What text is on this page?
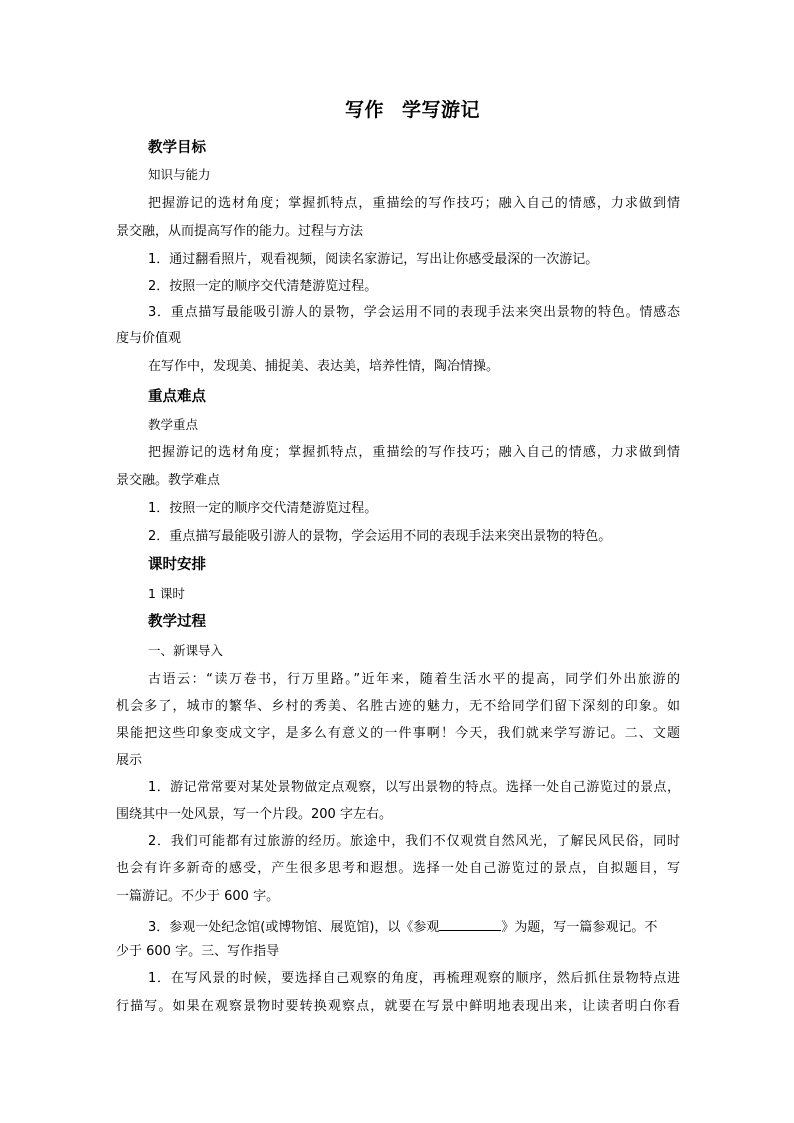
写作 学写游记
教学目标
知识与能力
把握游记的选材角度；掌握抓特点，重描绘的写作技巧；融入自己的情感，力求做到情
景交融，从而提高写作的能力。过程与方法
1．通过翻看照片，观看视频，阅读名家游记，写出让你感受最深的一次游记。
2．按照一定的顺序交代清楚游览过程。
3．重点描写最能吸引游人的景物，学会运用不同的表现手法来突出景物的特色。情感态
度与价值观
在写作中，发现美、捕捉美、表达美，培养性情，陶冶情操。
重点难点
教学重点
把握游记的选材角度；掌握抓特点，重描绘的写作技巧；融入自己的情感，力求做到情
景交融。教学难点
1．按照一定的顺序交代清楚游览过程。
2．重点描写最能吸引游人的景物，学会运用不同的表现手法来突出景物的特色。
课时安排
1 课时
教学过程
一、新课导入
古语云：“读万卷书，行万里路。”近年来，随着生活水平的提高，同学们外出旅游的
机会多了，城市的繁华、乡村的秀美、名胜古迹的魅力，无不给同学们留下深刻的印象。如
果能把这些印象变成文字，是多么有意义的一件事啊！今天，我们就来学写游记。二、文题
展示
1．游记常常要对某处景物做定点观察，以写出景物的特点。选择一处自己游览过的景点，
围绕其中一处风景，写一个片段。200 字左右。
2．我们可能都有过旅游的经历。旅途中，我们不仅观赏自然风光，了解民风民俗，同时
也会有许多新奇的感受，产生很多思考和遐想。选择一处自己游览过的景点，自拟题目，写
一篇游记。不少于 600 字。
3．参观一处纪念馆(或博物馆、展览馆)，以《参观	》为题，写一篇参观记。不
少于 600 字。三、写作指导
1．在写风景的时候，要选择自己观察的角度，再梳理观察的顺序，然后抓住景物特点进
行描写。如果在观察景物时要转换观察点，就要在写景中鲜明地表现出来，让读者明白你看
